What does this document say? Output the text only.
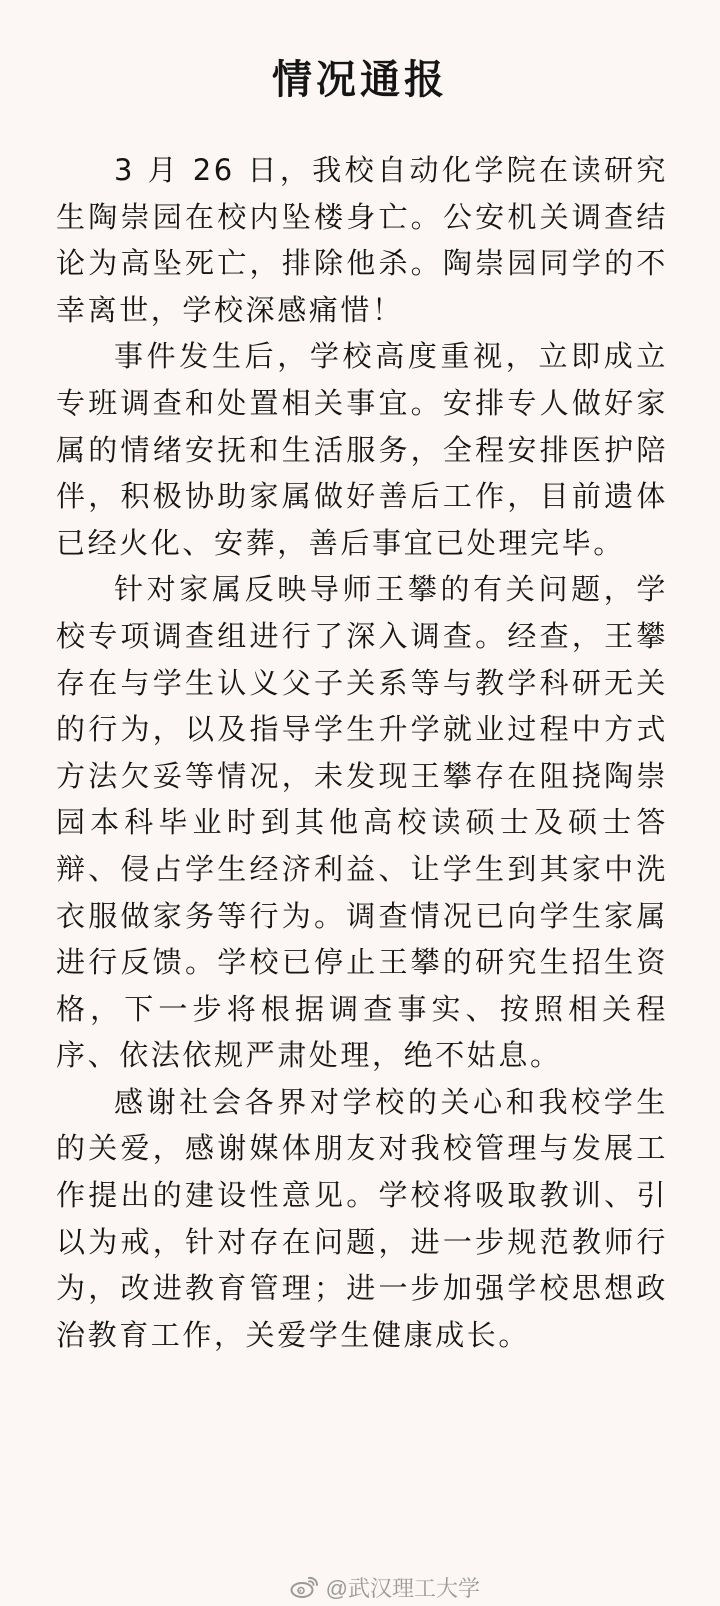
情况通报

3 月 26 日，我校自动化学院在读研究生陶崇园在校内坠楼身亡。公安机关调查结论为高坠死亡，排除他杀。陶崇园同学的不幸离世，学校深感痛惜！

事件发生后，学校高度重视，立即成立专班调查和处置相关事宜。安排专人做好家属的情绪安抚和生活服务，全程安排医护陪伴，积极协助家属做好善后工作，目前遗体已经火化、安葬，善后事宜已处理完毕。

针对家属反映导师王攀的有关问题，学校专项调查组进行了深入调查。经查，王攀存在与学生认义父子关系等与教学科研无关的行为，以及指导学生升学就业过程中方式方法欠妥等情况，未发现王攀存在阻挠陶崇园本科毕业时到其他高校读硕士及硕士答辩、侵占学生经济利益、让学生到其家中洗衣服做家务等行为。调查情况已向学生家属进行反馈。学校已停止王攀的研究生招生资格，下一步将根据调查事实、按照相关程序、依法依规严肃处理，绝不姑息。

感谢社会各界对学校的关心和我校学生的关爱，感谢媒体朋友对我校管理与发展工作提出的建设性意见。学校将吸取教训、引以为戒，针对存在问题，进一步规范教师行为，改进教育管理；进一步加强学校思想政治教育工作，关爱学生健康成长。

@武汉理工大学
